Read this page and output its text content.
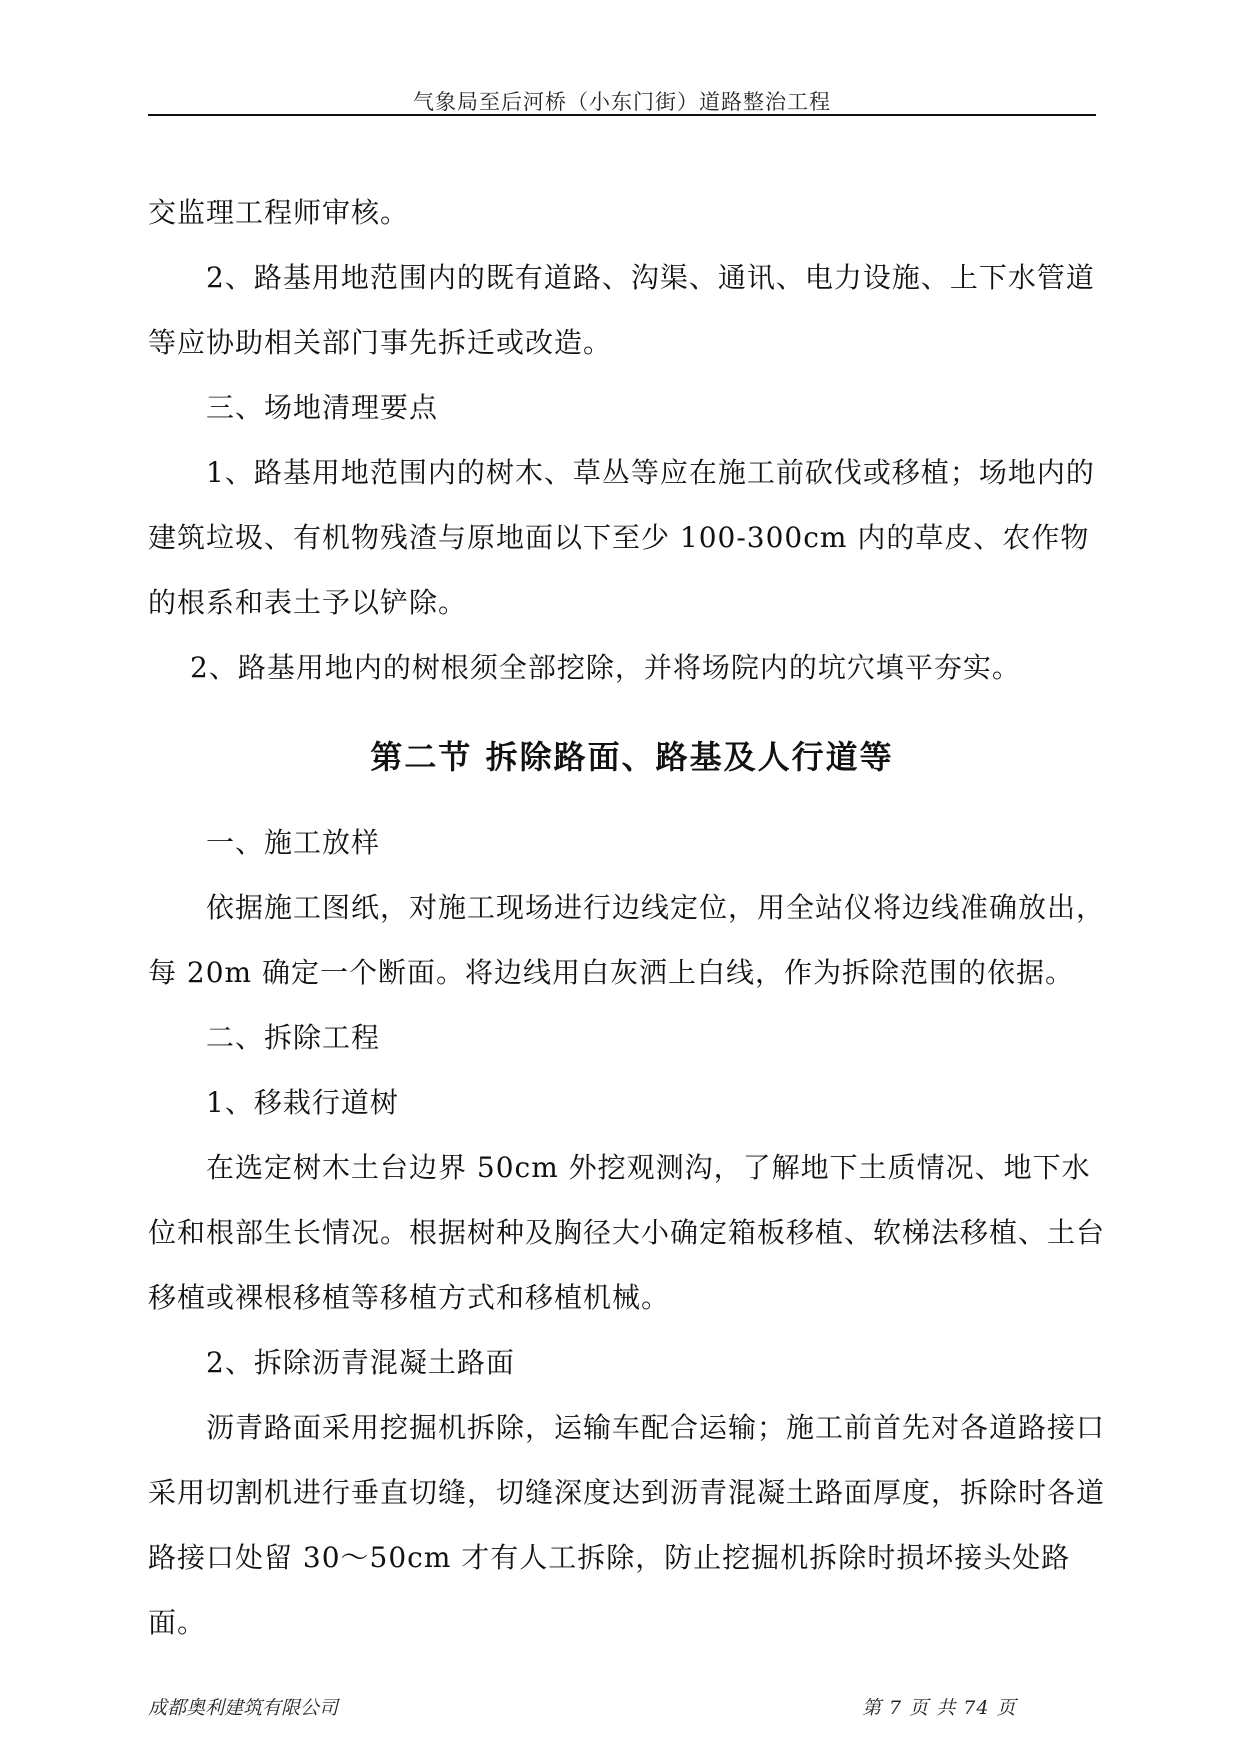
气象局至后河桥（小东门街）道路整治工程

交监理工程师审核。

2、路基用地范围内的既有道路、沟渠、通讯、电力设施、上下水管道等应协助相关部门事先拆迁或改造。

三、场地清理要点

1、路基用地范围内的树木、草丛等应在施工前砍伐或移植；场地内的建筑垃圾、有机物残渣与原地面以下至少 100-300cm 内的草皮、农作物的根系和表土予以铲除。

2、路基用地内的树根须全部挖除，并将场院内的坑穴填平夯实。

第二节 拆除路面、路基及人行道等

一、施工放样

依据施工图纸，对施工现场进行边线定位，用全站仪将边线准确放出，每 20m 确定一个断面。将边线用白灰洒上白线，作为拆除范围的依据。

二、拆除工程

1、移栽行道树

在选定树木土台边界 50cm 外挖观测沟，了解地下土质情况、地下水位和根部生长情况。根据树种及胸径大小确定箱板移植、软梯法移植、土台移植或裸根移植等移植方式和移植机械。

2、拆除沥青混凝土路面

沥青路面采用挖掘机拆除，运输车配合运输；施工前首先对各道路接口采用切割机进行垂直切缝，切缝深度达到沥青混凝土路面厚度，拆除时各道路接口处留 30～50cm 才有人工拆除，防止挖掘机拆除时损坏接头处路面。

成都奥利建筑有限公司	第 7 页 共 74 页
